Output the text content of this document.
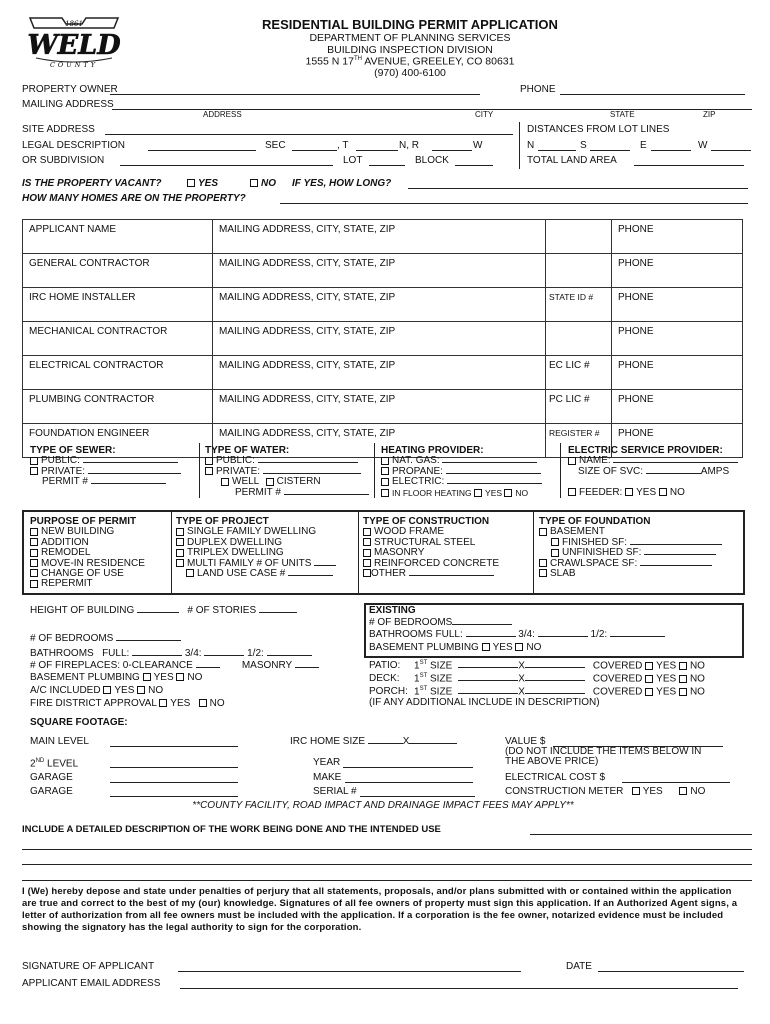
1861
WELD
COUNTY
RESIDENTIAL BUILDING PERMIT APPLICATION
DEPARTMENT OF PLANNING SERVICES
BUILDING INSPECTION DIVISION
1555 N 17TH AVENUE, GREELEY, CO 80631
(970) 400-6100
PROPERTY OWNER	PHONE
MAILING ADDRESS
ADDRESS	CITY	STATE	ZIP
SITE ADDRESS	DISTANCES FROM LOT LINES
LEGAL DESCRIPTION	SEC	, T	N, R	W	N	S	E	W
OR SUBDIVISION	LOT	BLOCK	TOTAL LAND AREA
IS THE PROPERTY VACANT?	YES	NO IF YES, HOW LONG?
HOW MANY HOMES ARE ON THE PROPERTY?
APPLICANT NAME	MAILING ADDRESS, CITY, STATE, ZIP		PHONE
GENERAL CONTRACTOR	MAILING ADDRESS, CITY, STATE, ZIP		PHONE
IRC HOME INSTALLER	MAILING ADDRESS, CITY, STATE, ZIP	STATE ID #	PHONE
MECHANICAL CONTRACTOR	MAILING ADDRESS, CITY, STATE, ZIP		PHONE
ELECTRICAL CONTRACTOR	MAILING ADDRESS, CITY, STATE, ZIP	EC LIC #	PHONE
PLUMBING CONTRACTOR	MAILING ADDRESS, CITY, STATE, ZIP	PC LIC #	PHONE
FOUNDATION ENGINEER	MAILING ADDRESS, CITY, STATE, ZIP	REGISTER #	PHONE
TYPE OF SEWER:
PUBLIC:
PRIVATE:
PERMIT #
TYPE OF WATER:
PUBLIC:
PRIVATE:
WELL CISTERN
PERMIT #
HEATING PROVIDER:
NAT. GAS:
PROPANE:
ELECTRIC:
IN FLOOR HEATING YES NO
ELECTRIC SERVICE PROVIDER:
NAME:
SIZE OF SVC:	AMPS
FEEDER: YES NO
PURPOSE OF PERMIT
NEW BUILDING
ADDITION
REMODEL
MOVE-IN RESIDENCE
CHANGE OF USE
REPERMIT
TYPE OF PROJECT
SINGLE FAMILY DWELLING
DUPLEX DWELLING
TRIPLEX DWELLING
MULTI FAMILY # OF UNITS
LAND USE CASE #
TYPE OF CONSTRUCTION
WOOD FRAME
STRUCTURAL STEEL
MASONRY
REINFORCED CONCRETE
OTHER
TYPE OF FOUNDATION
BASEMENT
FINISHED SF:
UNFINISHED SF:
CRAWLSPACE SF:
SLAB
HEIGHT OF BUILDING	# OF STORIES
# OF BEDROOMS
BATHROOMS FULL:	3/4:	1/2:
# OF FIREPLACES: 0-CLEARANCE	MASONRY
BASEMENT PLUMBING YES NO
A/C INCLUDED YES NO
FIRE DISTRICT APPROVAL YES NO
EXISTING
# OF BEDROOMS
BATHROOMS FULL:	3/4:	1/2:
BASEMENT PLUMBING YES NO
PATIO: 1ST SIZE	X	COVERED YES NO
DECK: 1ST SIZE	X	COVERED YES NO
PORCH: 1ST SIZE	X	COVERED YES NO
(IF ANY ADDITIONAL INCLUDE IN DESCRIPTION)
SQUARE FOOTAGE:
MAIN LEVEL
2ND LEVEL
GARAGE
GARAGE
IRC HOME SIZE	X
YEAR
MAKE
SERIAL #
VALUE $
(DO NOT INCLUDE THE ITEMS BELOW IN
THE ABOVE PRICE)
ELECTRICAL COST $
CONSTRUCTION METER YES	NO
**COUNTY FACILITY, ROAD IMPACT AND DRAINAGE IMPACT FEES MAY APPLY**
INCLUDE A DETAILED DESCRIPTION OF THE WORK BEING DONE AND THE INTENDED USE
I (We) hereby depose and state under penalties of perjury that all statements, proposals, and/or plans submitted with or contained within the application are true and correct to the best of my (our) knowledge. Signatures of all fee owners of property must sign this application. If an Authorized Agent signs, a letter of authorization from all fee owners must be included with the application. If a corporation is the fee owner, notarized evidence must be included showing the signatory has the legal authority to sign for the corporation.
SIGNATURE OF APPLICANT	DATE
APPLICANT EMAIL ADDRESS
